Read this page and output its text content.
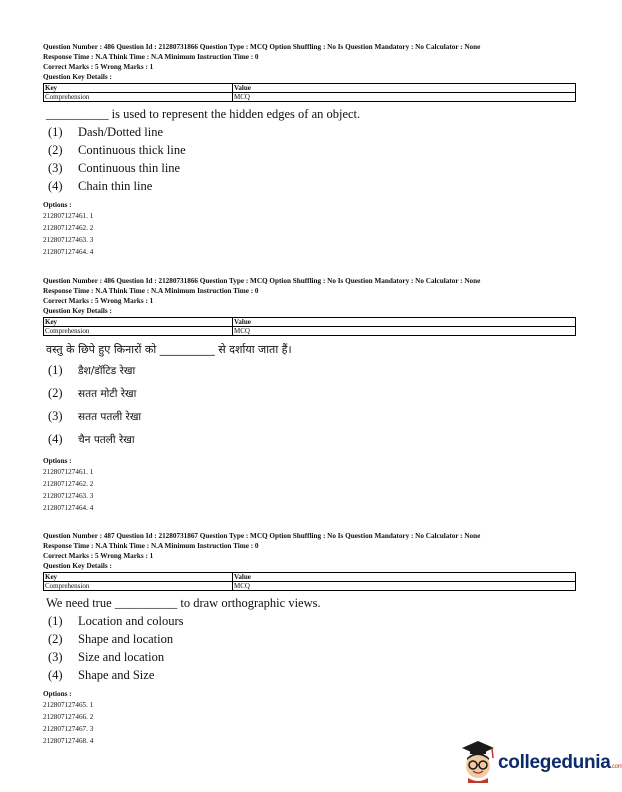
Question Number : 486 Question Id : 21280731866 Question Type : MCQ Option Shuffling : No Is Question Mandatory : No Calculator : None
Response Time : N.A Think Time : N.A Minimum Instruction Time : 0
Correct Marks : 5 Wrong Marks : 1
Question Key Details :
Key	Value
Comprehension	MCQ
__________ is used to represent the hidden edges of an object.
(1) Dash/Dotted line
(2) Continuous thick line
(3) Continuous thin line
(4) Chain thin line
Options :
212807127461. 1
212807127462. 2
212807127463. 3
212807127464. 4
Question Number : 486 Question Id : 21280731866 Question Type : MCQ Option Shuffling : No Is Question Mandatory : No Calculator : None
Response Time : N.A Think Time : N.A Minimum Instruction Time : 0
Correct Marks : 5 Wrong Marks : 1
Question Key Details :
Key	Value
Comprehension	MCQ
वस्तु के छिपे हुए किनारों को __________ से दर्शाया जाता हैं।
(1) डैश/डॉटिड रेखा
(2) सतत मोटी रेखा
(3) सतत पतली रेखा
(4) चैन पतली रेखा
Options :
212807127461. 1
212807127462. 2
212807127463. 3
212807127464. 4
Question Number : 487 Question Id : 21280731867 Question Type : MCQ Option Shuffling : No Is Question Mandatory : No Calculator : None
Response Time : N.A Think Time : N.A Minimum Instruction Time : 0
Correct Marks : 5 Wrong Marks : 1
Question Key Details :
Key	Value
Comprehension	MCQ
We need true __________ to draw orthographic views.
(1) Location and colours
(2) Shape and location
(3) Size and location
(4) Shape and Size
Options :
212807127465. 1
212807127466. 2
212807127467. 3
212807127468. 4
collegedunia.com
